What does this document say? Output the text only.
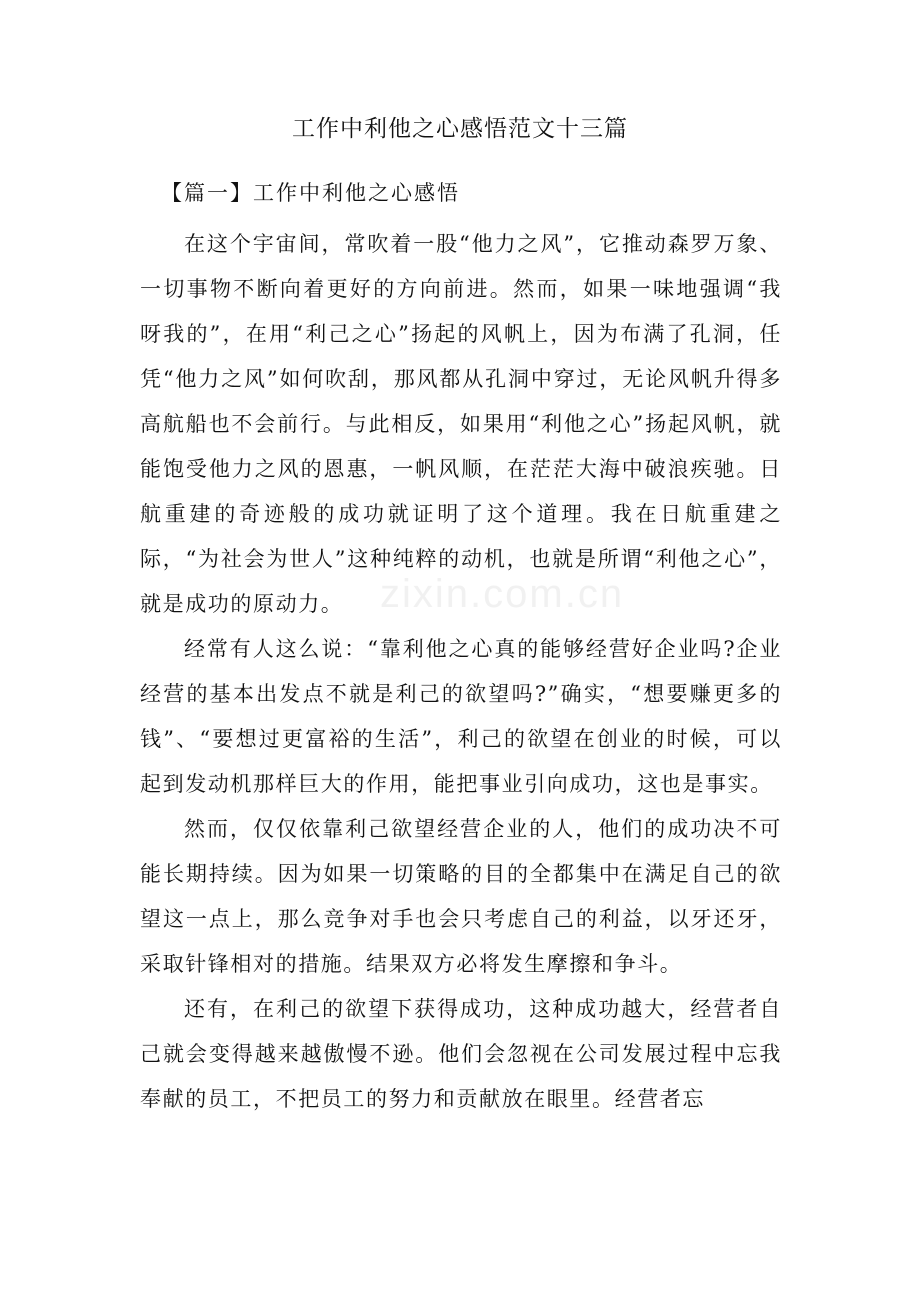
工作中利他之心感悟范文十三篇
【篇一】工作中利他之心感悟

在这个宇宙间，常吹着一股“他力之风”，它推动森罗万象、一切事物不断向着更好的方向前进。然而，如果一味地强调“我呀我的”，在用“利己之心”扬起的风帆上，因为布满了孔洞，任凭“他力之风”如何吹刮，那风都从孔洞中穿过，无论风帆升得多高航船也不会前行。与此相反，如果用“利他之心”扬起风帆，就能饱受他力之风的恩惠，一帆风顺，在茫茫大海中破浪疾驰。日航重建的奇迹般的成功就证明了这个道理。我在日航重建之际，“为社会为世人”这种纯粹的动机，也就是所谓“利他之心”，就是成功的原动力。

经常有人这么说：“靠利他之心真的能够经营好企业吗?企业经营的基本出发点不就是利己的欲望吗?”确实，“想要赚更多的钱”、“要想过更富裕的生活”，利己的欲望在创业的时候，可以起到发动机那样巨大的作用，能把事业引向成功，这也是事实。

然而，仅仅依靠利己欲望经营企业的人，他们的成功决不可能长期持续。因为如果一切策略的目的全都集中在满足自己的欲望这一点上，那么竞争对手也会只考虑自己的利益，以牙还牙，采取针锋相对的措施。结果双方必将发生摩擦和争斗。

还有，在利己的欲望下获得成功，这种成功越大，经营者自己就会变得越来越傲慢不逊。他们会忽视在公司发展过程中忘我奉献的员工，不把员工的努力和贡献放在眼里。经营者忘

zixin.com.cn
